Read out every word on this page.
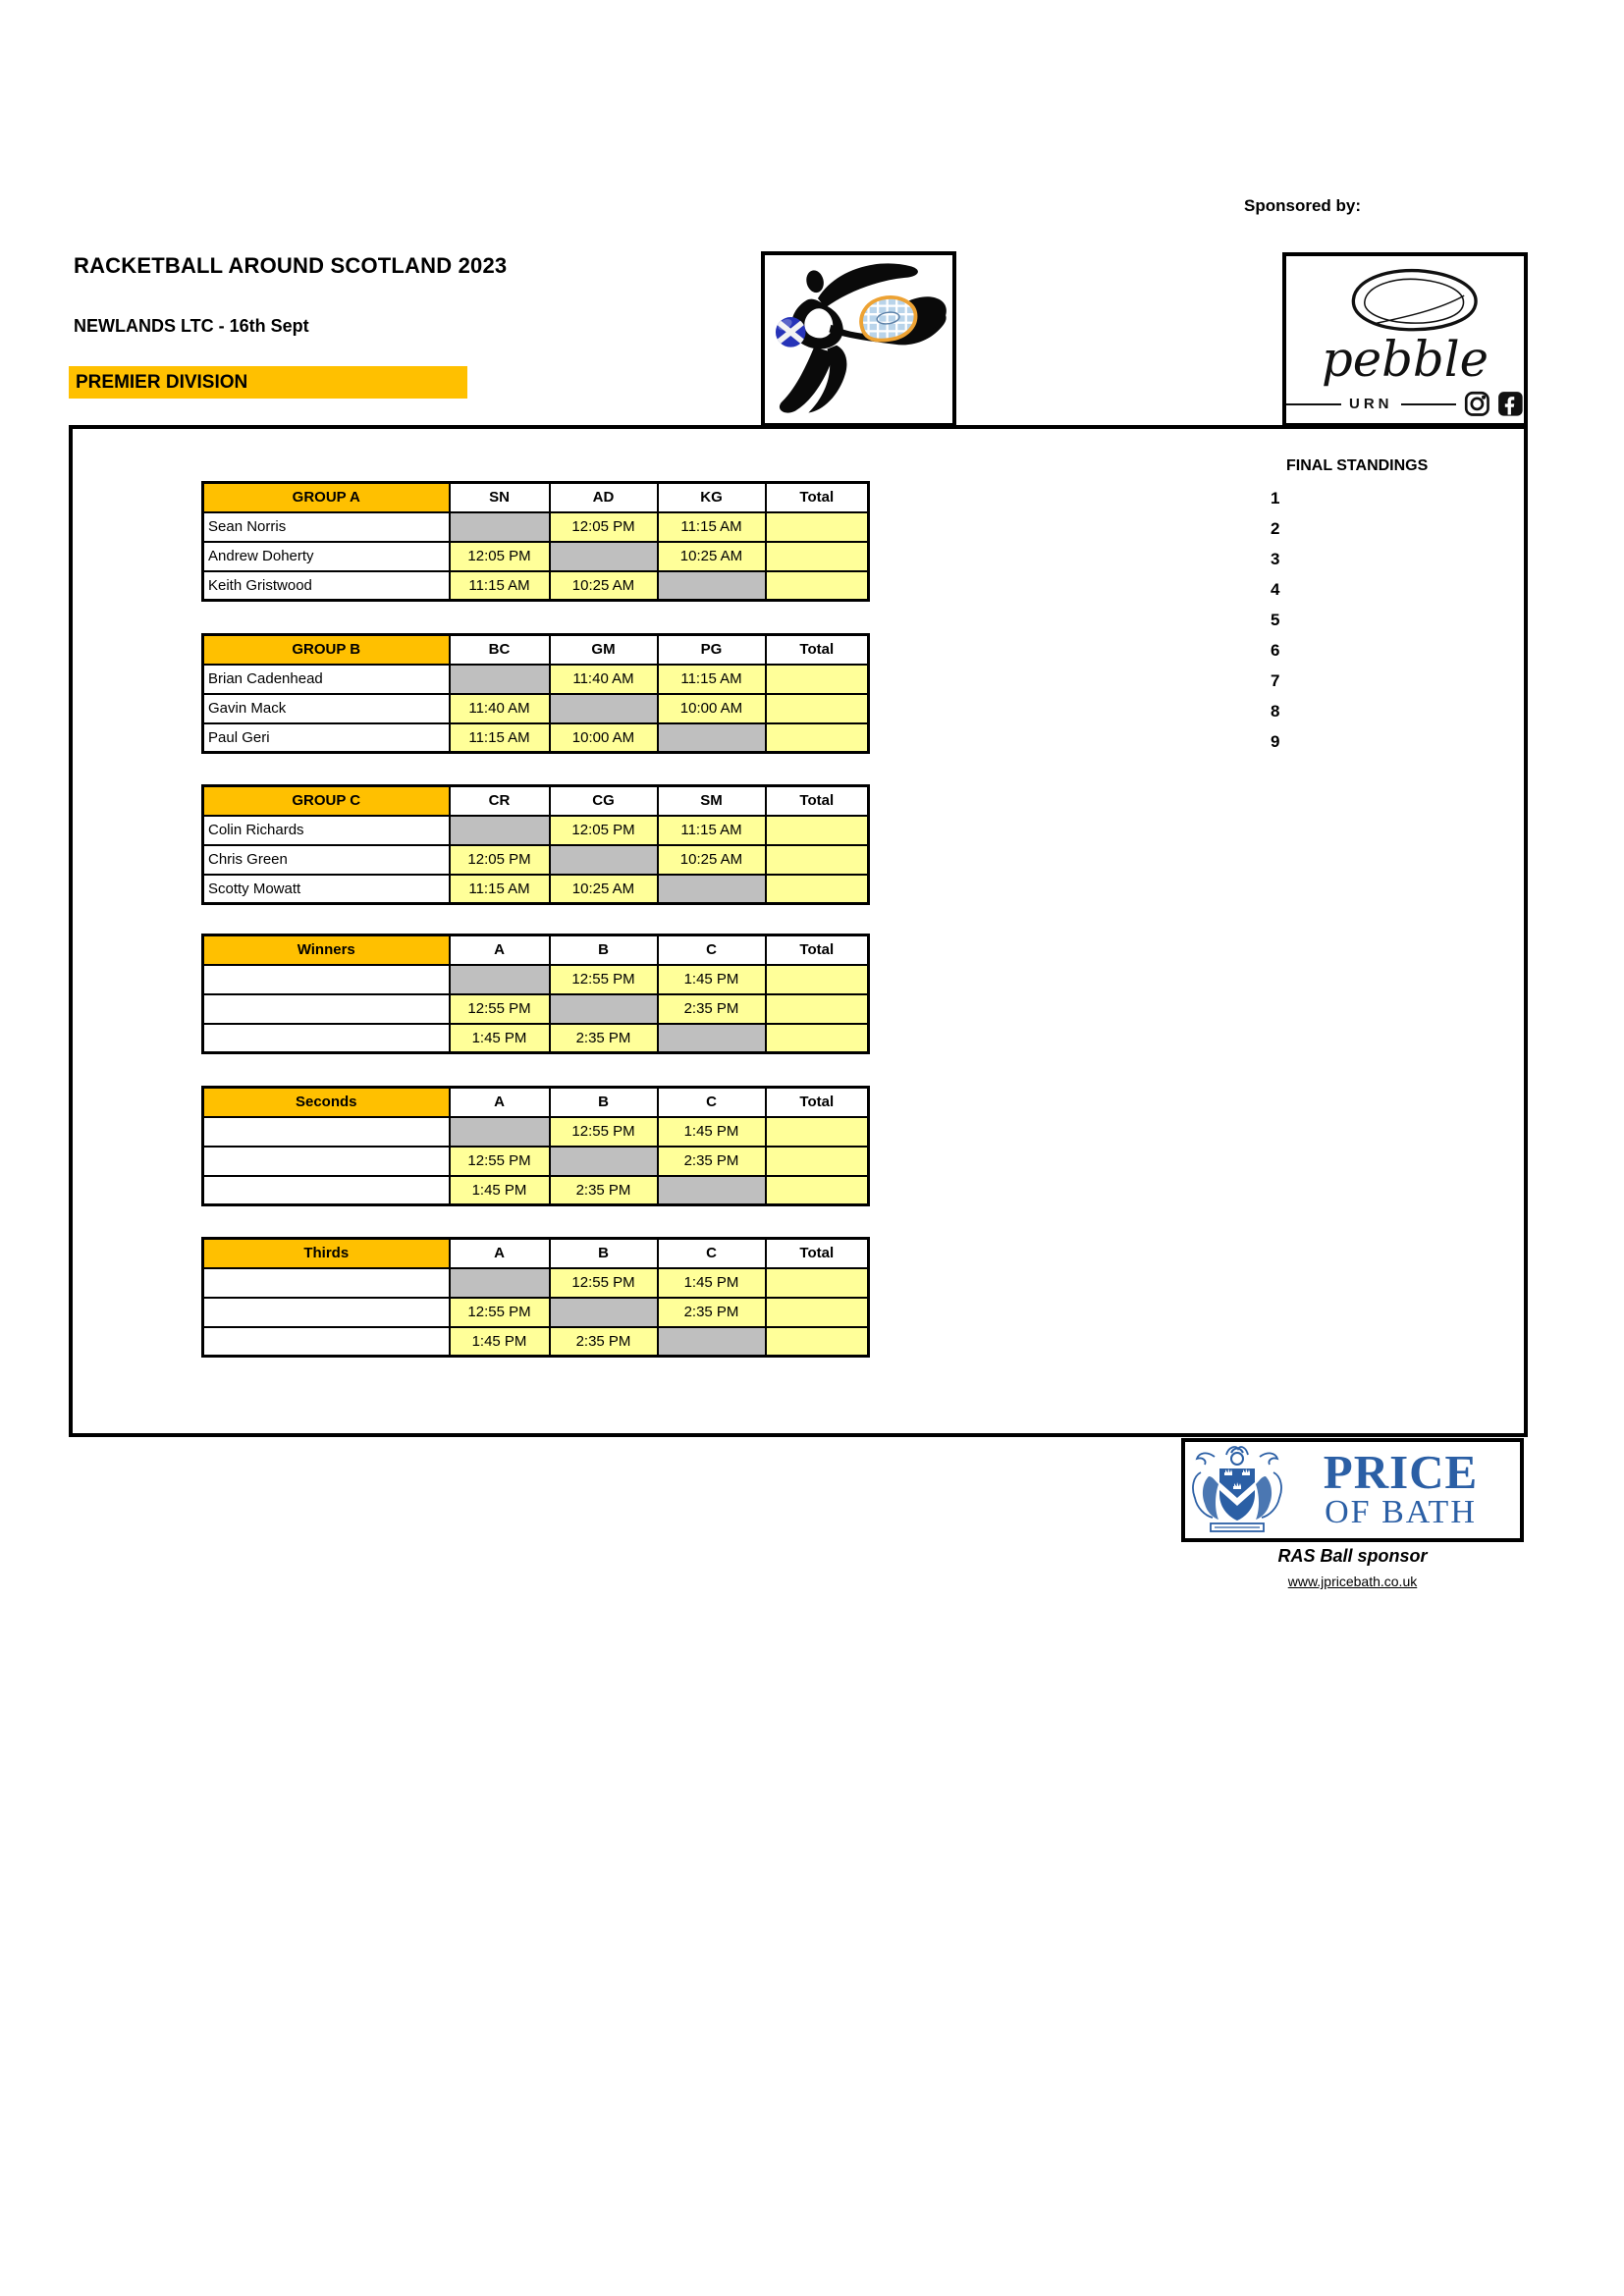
Sponsored by:
RACKETBALL AROUND SCOTLAND 2023
NEWLANDS LTC - 16th Sept
PREMIER DIVISION	pebble
URN
FINAL STANDINGS
1
2
3
4
5
6
7
8
9
GROUP A	SN	AD	KG	Total
Sean Norris		12:05 PM	11:15 AM	
Andrew Doherty	12:05 PM		10:25 AM	
Keith Gristwood	11:15 AM	10:25 AM		
GROUP B	BC	GM	PG	Total
Brian Cadenhead		11:40 AM	11:15 AM	
Gavin Mack	11:40 AM		10:00 AM	
Paul Geri	11:15 AM	10:00 AM		
GROUP C	CR	CG	SM	Total
Colin Richards		12:05 PM	11:15 AM	
Chris Green	12:05 PM		10:25 AM	
Scotty Mowatt	11:15 AM	10:25 AM		
Winners	A	B	C	Total
		12:55 PM	1:45 PM	
	12:55 PM		2:35 PM	
	1:45 PM	2:35 PM		
Seconds	A	B	C	Total
		12:55 PM	1:45 PM	
	12:55 PM		2:35 PM	
	1:45 PM	2:35 PM		
Thirds	A	B	C	Total
		12:55 PM	1:45 PM	
	12:55 PM		2:35 PM	
	1:45 PM	2:35 PM		
PRICE
OF BATH
RAS Ball sponsor
www.jpricebath.co.uk
